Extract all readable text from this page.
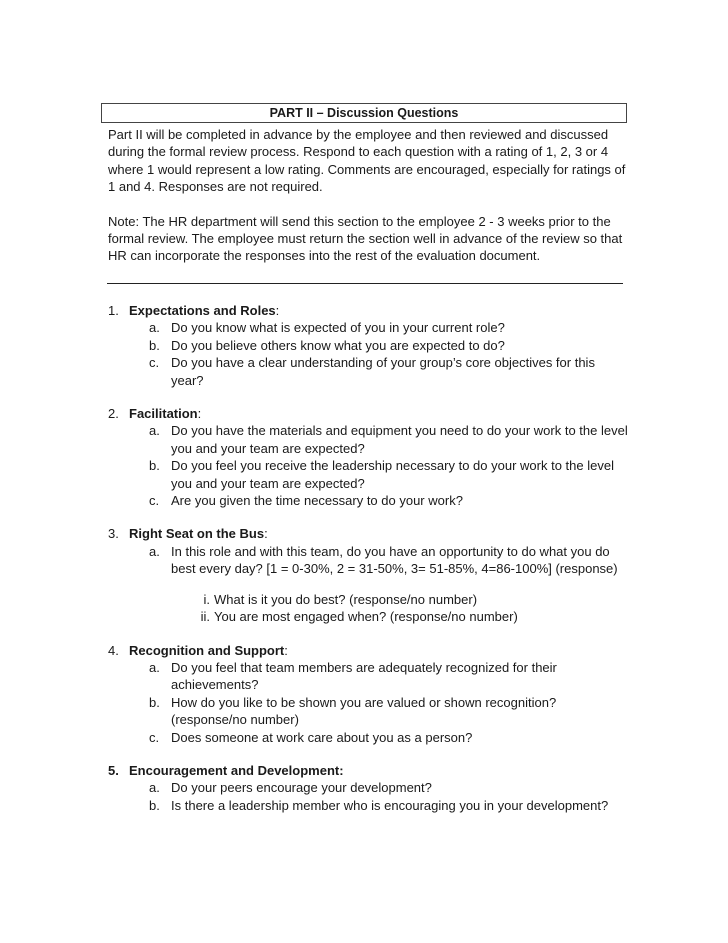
PART II – Discussion Questions

Part II will be completed in advance by the employee and then reviewed and discussed during the formal review process. Respond to each question with a rating of 1, 2, 3 or 4 where 1 would represent a low rating. Comments are encouraged, especially for ratings of 1 and 4. Responses are not required.

Note: The HR department will send this section to the employee 2 - 3 weeks prior to the formal review. The employee must return the section well in advance of the review so that HR can incorporate the responses into the rest of the evaluation document.

1. Expectations and Roles:
a. Do you know what is expected of you in your current role?
b. Do you believe others know what you are expected to do?
c. Do you have a clear understanding of your group’s core objectives for this year?
2. Facilitation:
a. Do you have the materials and equipment you need to do your work to the level you and your team are expected?
b. Do you feel you receive the leadership necessary to do your work to the level you and your team are expected?
c. Are you given the time necessary to do your work?
3. Right Seat on the Bus:
a. In this role and with this team, do you have an opportunity to do what you do best every day? [1 = 0-30%, 2 = 31-50%, 3= 51-85%, 4=86-100%] (response)
i. What is it you do best? (response/no number)
ii. You are most engaged when? (response/no number)
4. Recognition and Support:
a. Do you feel that team members are adequately recognized for their achievements?
b. How do you like to be shown you are valued or shown recognition? (response/no number)
c. Does someone at work care about you as a person?
5. Encouragement and Development:
a. Do your peers encourage your development?
b. Is there a leadership member who is encouraging you in your development?
